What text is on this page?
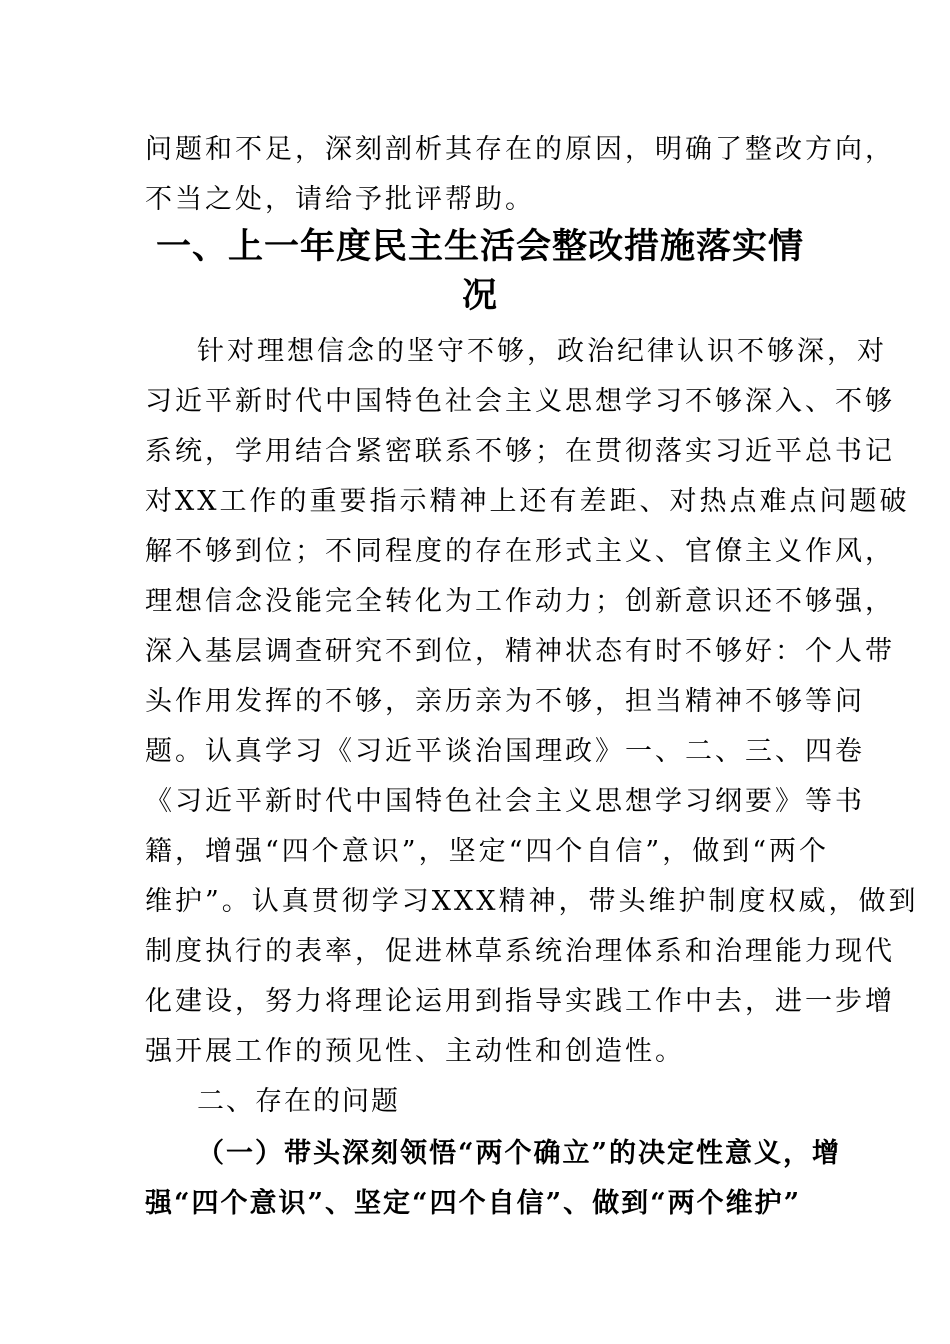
问题和不足，深刻剖析其存在的原因，明确了整改方向，
不当之处，请给予批评帮助。
一、上一年度民主生活会整改措施落实情
况
针对理想信念的坚守不够，政治纪律认识不够深，对
习近平新时代中国特色社会主义思想学习不够深入、不够
系统，学用结合紧密联系不够；在贯彻落实习近平总书记
对XX工作的重要指示精神上还有差距、对热点难点问题破
解不够到位；不同程度的存在形式主义、官僚主义作风，
理想信念没能完全转化为工作动力；创新意识还不够强，
深入基层调查研究不到位，精神状态有时不够好：个人带
头作用发挥的不够，亲历亲为不够，担当精神不够等问
题。认真学习《习近平谈治国理政》一、二、三、四卷
《习近平新时代中国特色社会主义思想学习纲要》等书
籍，增强“四个意识”，坚定“四个自信”，做到“两个
维护”。认真贯彻学习XXX精神，带头维护制度权威，做到
制度执行的表率，促进林草系统治理体系和治理能力现代
化建设，努力将理论运用到指导实践工作中去，进一步增
强开展工作的预见性、主动性和创造性。
二、存在的问题
（一）带头深刻领悟“两个确立”的决定性意义，增
强“四个意识”、坚定“四个自信”、做到“两个维护”
